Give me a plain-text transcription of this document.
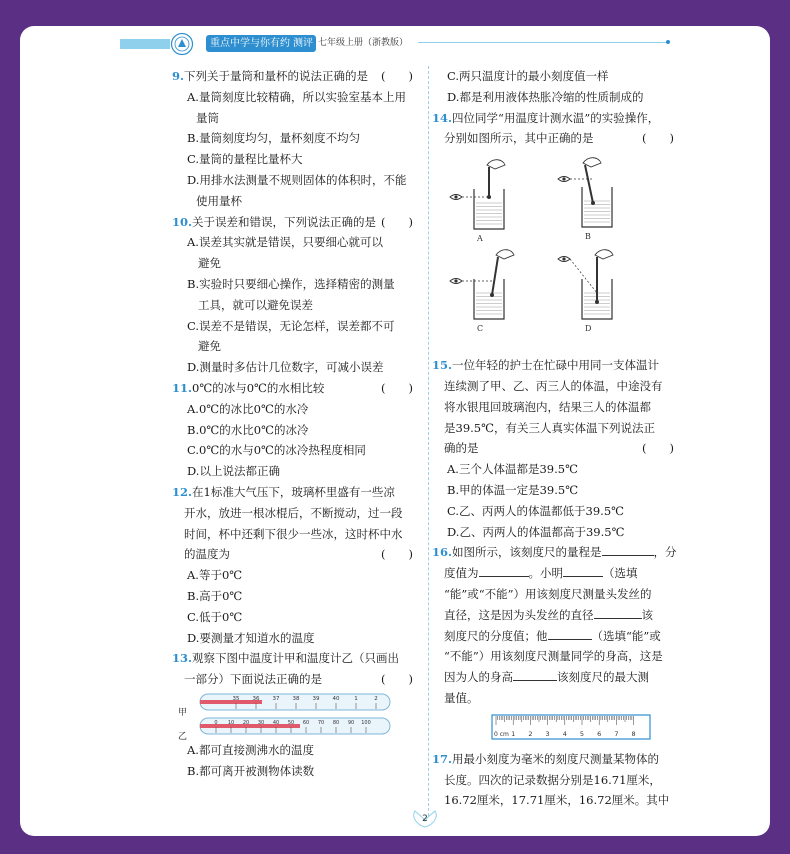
重点中学与你有约 测评 七年级上册（浙教版）
(　　)
9.下列关于量筒和量杯的说法正确的是
A.量筒刻度比较精确，所以实验室基本上用
量筒
B.量筒刻度均匀，量杯刻度不均匀
C.量筒的量程比量杯大
D.用排水法测量不规则固体的体积时，不能
使用量杯
(　　)
10.关于误差和错误，下列说法正确的是
A.误差其实就是错误，只要细心就可以
避免
B.实验时只要细心操作，选择精密的测量
工具，就可以避免误差
C.误差不是错误，无论怎样，误差都不可
避免
D.测量时多估计几位数字，可减小误差
(　　)
11.0℃的冰与0℃的水相比较
A.0℃的冰比0℃的水冷
B.0℃的水比0℃的冰冷
C.0℃的水与0℃的冰冷热程度相同
D.以上说法都正确
12.在1标准大气压下，玻璃杯里盛有一些凉
开水，放进一根冰棍后，不断搅动，过一段
时间，杯中还剩下很少一些冰，这时杯中水
(　　)
的温度为
A.等于0℃
B.高于0℃
C.低于0℃
D.要测量才知道水的温度
13.观察下图中温度计甲和温度计乙（只画出
(　　)
一部分）下面说法正确的是
35 36 37 38 39 40	1	2
甲
0 10 20 30 40 50 60 70 80 90 100
乙
A.都可直接测沸水的温度
B.都可离开被测物体读数
C.两只温度计的最小刻度值一样
D.都是利用液体热胀冷缩的性质制成的
14.四位同学“用温度计测水温”的实验操作，
(　　)
分别如图所示，其中正确的是
A	B
C	D
15.一位年轻的护士在忙碌中用同一支体温计
连续测了甲、乙、丙三人的体温，中途没有
将水银甩回玻璃泡内，结果三人的体温都
是39.5℃，有关三人真实体温下列说法正
(　　)
确的是
A.三个人体温都是39.5℃
B.甲的体温一定是39.5℃
C.乙、丙两人的体温都低于39.5℃
D.乙、丙两人的体温都高于39.5℃
16.如图所示，该刻度尺的量程是	，分
度值为	。小明	（选填
“能”或“不能”）用该刻度尺测量头发丝的
直径，这是因为头发丝的直径	该
刻度尺的分度值；他	（选填“能”或
“不能”）用该刻度尺测量同学的身高，这是
因为人的身高	该刻度尺的最大测
量值。
0 cm 1 2 3 4 5 6 7 8
17.用最小刻度为毫米的刻度尺测量某物体的
长度。四次的记录数据分别是16.71厘米，
16.72厘米，17.71厘米，16.72厘米。其中
2
